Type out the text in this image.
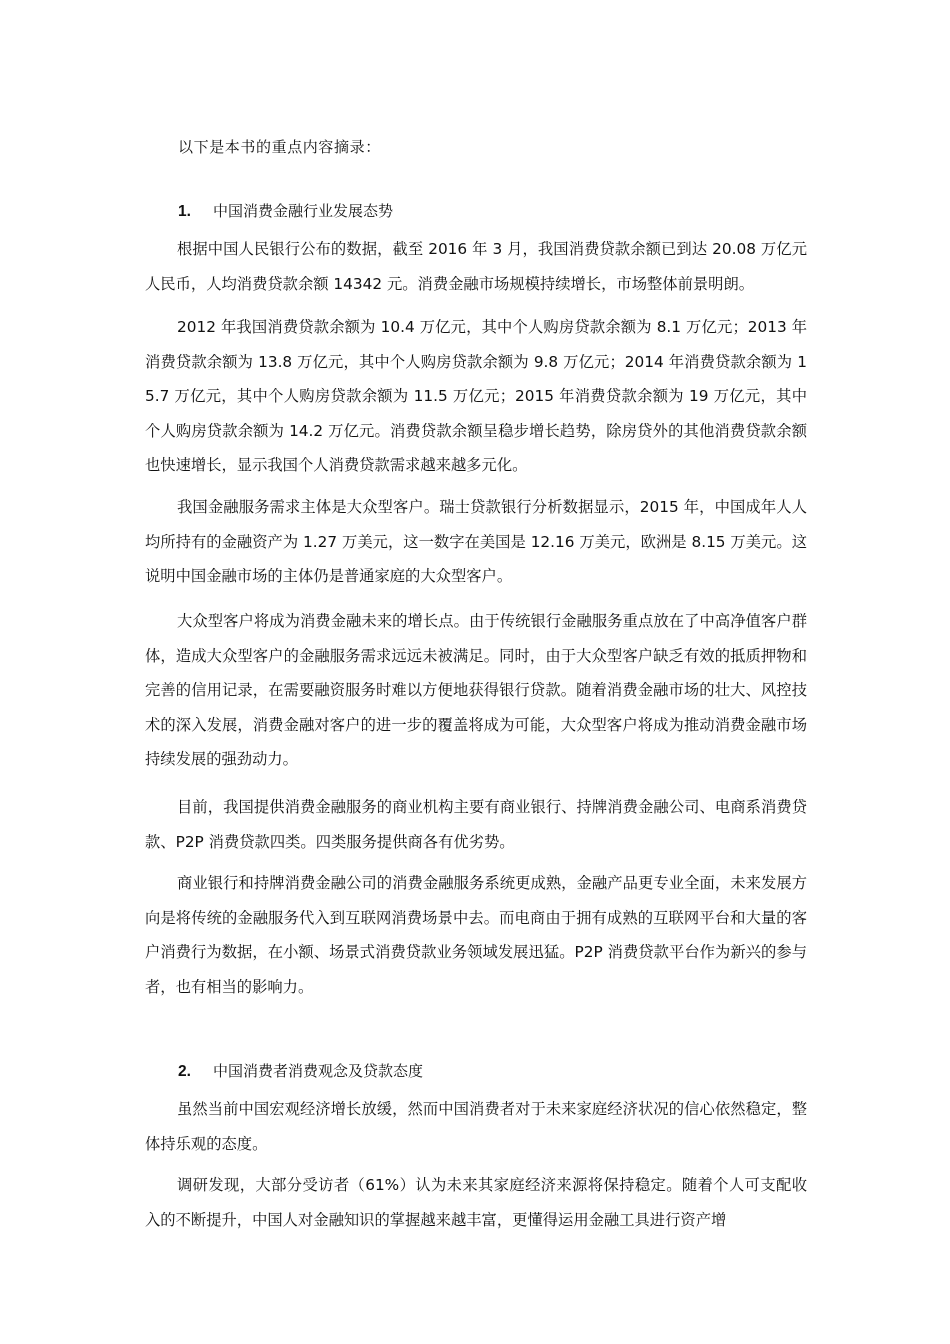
以下是本书的重点内容摘录：
1.	中国消费金融行业发展态势

根据中国人民银行公布的数据，截至 2016 年 3 月，我国消费贷款余额已到达 20.08 万亿元人民币，人均消费贷款余额 14342 元。消费金融市场规模持续增长，市场整体前景明朗。

2012 年我国消费贷款余额为 10.4 万亿元，其中个人购房贷款余额为 8.1 万亿元；2013 年消费贷款余额为 13.8 万亿元，其中个人购房贷款余额为 9.8 万亿元；2014 年消费贷款余额为 15.7 万亿元，其中个人购房贷款余额为 11.5 万亿元；2015 年消费贷款余额为 19 万亿元，其中个人购房贷款余额为 14.2 万亿元。消费贷款余额呈稳步增长趋势，除房贷外的其他消费贷款余额也快速增长，显示我国个人消费贷款需求越来越多元化。

我国金融服务需求主体是大众型客户。瑞士贷款银行分析数据显示，2015 年，中国成年人人均所持有的金融资产为 1.27 万美元，这一数字在美国是 12.16 万美元，欧洲是 8.15 万美元。这说明中国金融市场的主体仍是普通家庭的大众型客户。

大众型客户将成为消费金融未来的增长点。由于传统银行金融服务重点放在了中高净值客户群体，造成大众型客户的金融服务需求远远未被满足。同时，由于大众型客户缺乏有效的抵质押物和完善的信用记录，在需要融资服务时难以方便地获得银行贷款。随着消费金融市场的壮大、风控技术的深入发展，消费金融对客户的进一步的覆盖将成为可能，大众型客户将成为推动消费金融市场持续发展的强劲动力。

目前，我国提供消费金融服务的商业机构主要有商业银行、持牌消费金融公司、电商系消费贷款、P2P 消费贷款四类。四类服务提供商各有优劣势。

商业银行和持牌消费金融公司的消费金融服务系统更成熟，金融产品更专业全面，未来发展方向是将传统的金融服务代入到互联网消费场景中去。而电商由于拥有成熟的互联网平台和大量的客户消费行为数据，在小额、场景式消费贷款业务领域发展迅猛。P2P 消费贷款平台作为新兴的参与者，也有相当的影响力。

2.	中国消费者消费观念及贷款态度

虽然当前中国宏观经济增长放缓，然而中国消费者对于未来家庭经济状况的信心依然稳定，整体持乐观的态度。

调研发现，大部分受访者（61%）认为未来其家庭经济来源将保持稳定。随着个人可支配收入的不断提升，中国人对金融知识的掌握越来越丰富，更懂得运用金融工具进行资产增
